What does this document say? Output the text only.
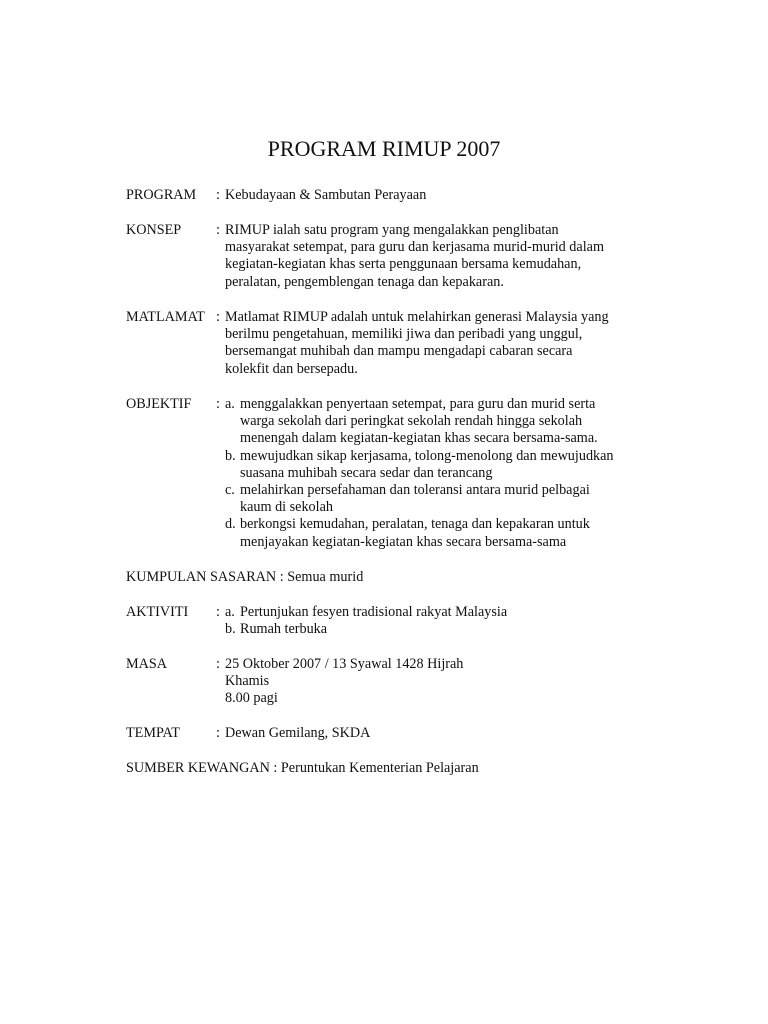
PROGRAM RIMUP 2007
PROGRAM : Kebudayaan & Sambutan Perayaan
KONSEP : RIMUP ialah satu program yang mengalakkan penglibatan
masyarakat setempat, para guru dan kerjasama murid-murid dalam
kegiatan-kegiatan khas serta penggunaan bersama kemudahan,
peralatan, pengemblengan tenaga dan kepakaran.
MATLAMAT : Matlamat RIMUP adalah untuk melahirkan generasi Malaysia yang
berilmu pengetahuan, memiliki jiwa dan peribadi yang unggul,
bersemangat muhibah dan mampu mengadapi cabaran secara
kolekfit dan bersepadu.
OBJEKTIF : a. menggalakkan penyertaan setempat, para guru dan murid serta
warga sekolah dari peringkat sekolah rendah hingga sekolah
menengah dalam kegiatan-kegiatan khas secara bersama-sama.
b. mewujudkan sikap kerjasama, tolong-menolong dan mewujudkan
suasana muhibah secara sedar dan terancang
c. melahirkan persefahaman dan toleransi antara murid pelbagai
kaum di sekolah
d. berkongsi kemudahan, peralatan, tenaga dan kepakaran untuk
menjayakan kegiatan-kegiatan khas secara bersama-sama
KUMPULAN SASARAN : Semua murid
AKTIVITI : a. Pertunjukan fesyen tradisional rakyat Malaysia
b. Rumah terbuka
MASA	: 25 Oktober 2007 / 13 Syawal 1428 Hijrah
Khamis
8.00 pagi
TEMPAT	: Dewan Gemilang, SKDA
SUMBER KEWANGAN : Peruntukan Kementerian Pelajaran
